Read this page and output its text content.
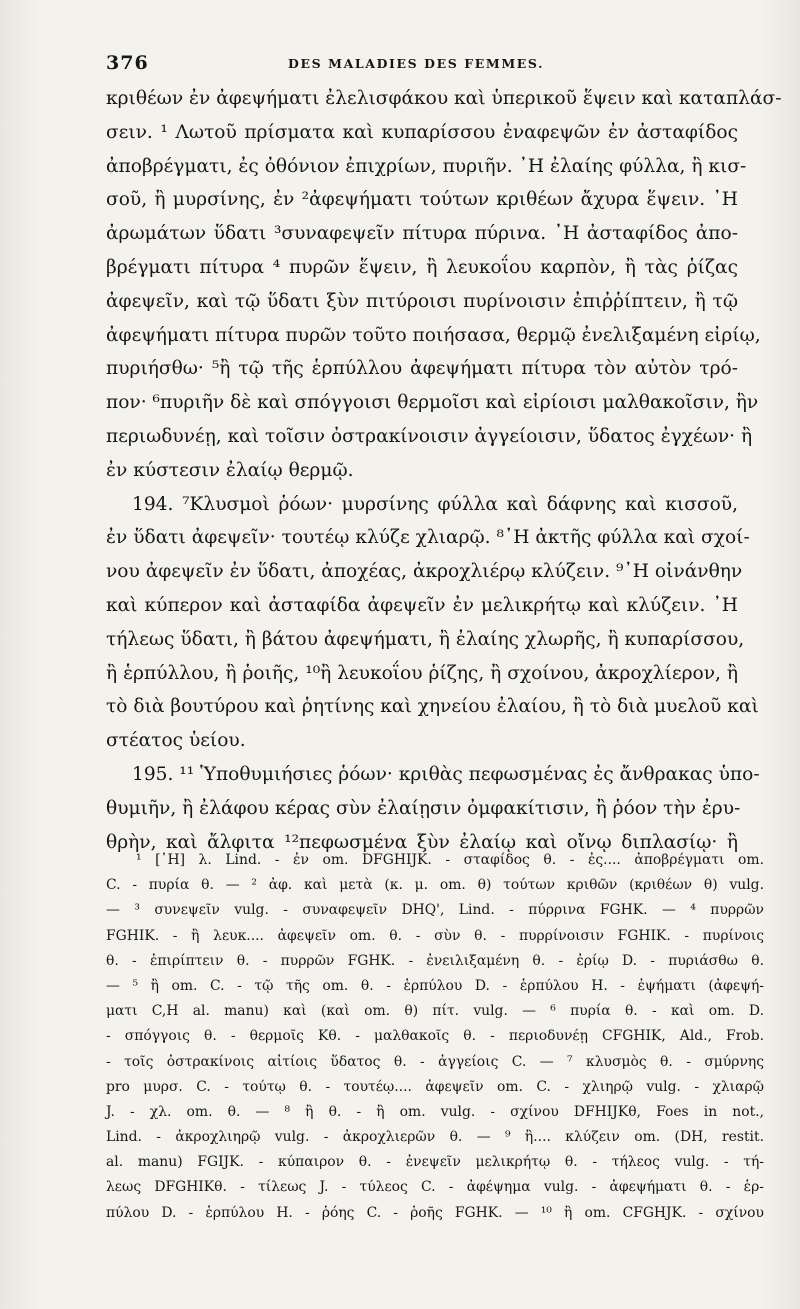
376	DES MALADIES DES FEMMES.
κριθέων ἐν ἀφεψήματι ἐλελισφάκου καὶ ὑπερικοῦ ἕψειν καὶ καταπλάσ-
σειν. ¹ Λωτοῦ πρίσματα καὶ κυπαρίσσου ἐναφεψῶν ἐν ἀσταφίδος
ἀποβρέγματι, ἐς ὀθόνιον ἐπιχρίων, πυριῆν. ᾿Η ἐλαίης φύλλα, ἢ κισ-
σοῦ, ἢ μυρσίνης, ἐν ²ἀφεψήματι τούτων κριθέων ἄχυρα ἕψειν. ᾿Η
ἀρωμάτων ὕδατι ³συναφεψεῖν πίτυρα πύρινα. ᾿Η ἀσταφίδος ἀπο-
βρέγματι πίτυρα ⁴ πυρῶν ἕψειν, ἢ λευκοΐου καρπὸν, ἢ τὰς ῥίζας
ἀφεψεῖν, καὶ τῷ ὕδατι ξὺν πιτύροισι πυρίνοισιν ἐπιῤῥίπτειν, ἢ τῷ
ἀφεψήματι πίτυρα πυρῶν τοῦτο ποιήσασα, θερμῷ ἐνελιξαμένη εἰρίῳ,
πυριήσθω· ⁵ἢ τῷ τῆς ἑρπύλλου ἀφεψήματι πίτυρα τὸν αὐτὸν τρό-
πον· ⁶πυριῆν δὲ καὶ σπόγγοισι θερμοῖσι καὶ εἰρίοισι μαλθακοῖσιν, ἢν
περιωδυνέῃ, καὶ τοῖσιν ὀστρακίνοισιν ἀγγείοισιν, ὕδατος ἐγχέων· ἢ
ἐν κύστεσιν ἐλαίῳ θερμῷ.
194. ⁷Κλυσμοὶ ῥόων· μυρσίνης φύλλα καὶ δάφνης καὶ κισσοῦ,
ἐν ὕδατι ἀφεψεῖν· τουτέῳ κλύζε χλιαρῷ. ⁸᾿Η ἀκτῆς φύλλα καὶ σχοί-
νου ἀφεψεῖν ἐν ὕδατι, ἀποχέας, ἀκροχλιέρῳ κλύζειν. ⁹᾿Η οἰνάνθην
καὶ κύπερον καὶ ἀσταφίδα ἀφεψεῖν ἐν μελικρήτῳ καὶ κλύζειν. ᾿Η
τήλεως ὕδατι, ἢ βάτου ἀφεψήματι, ἢ ἐλαίης χλωρῆς, ἢ κυπαρίσσου,
ἢ ἑρπύλλου, ἢ ῥοιῆς, ¹⁰ἢ λευκοΐου ῥίζης, ἢ σχοίνου, ἀκροχλίερον, ἢ
τὸ διὰ βουτύρου καὶ ῥητίνης καὶ χηνείου ἐλαίου, ἢ τὸ διὰ μυελοῦ καὶ
στέατος ὑείου.
195. ¹¹ Ὑποθυμιήσιες ῥόων· κριθὰς πεφωσμένας ἐς ἄνθρακας ὑπο-
θυμιῆν, ἢ ἐλάφου κέρας σὺν ἐλαίῃσιν ὀμφακίτισιν, ἢ ῥόον τὴν ἐρυ-
θρὴν, καὶ ἄλφιτα ¹²πεφωσμένα ξὺν ἐλαίῳ καὶ οἴνῳ διπλασίῳ· ἢ
¹ [᾿Η] λ. Lind. - ἐν om. DFGHIJK. - σταφίδος θ. - ἐς.... ἀποβρέγματι om.
C. - πυρία θ. — ² ἀφ. καὶ μετὰ (κ. μ. om. θ) τούτων κριθῶν (κριθέων θ) vulg.
— ³ συνεψεῖν vulg. - συναφεψεῖν DHQ', Lind. - πύρρινα FGHK. — ⁴ πυρρῶν
FGHIK. - ἢ λευκ.... ἀφεψεῖν om. θ. - σὺν θ. - πυρρίνοισιν FGHIK. - πυρίνοις
θ. - ἐπιρίπτειν θ. - πυρρῶν FGHK. - ἐνειλιξαμένη θ. - ἐρίῳ D. - πυριάσθω θ.
— ⁵ ἢ om. C. - τῷ τῆς om. θ. - ἑρπύλου D. - ἑρπύλου H. - ἐψήματι (ἀφεψή-
ματι C,H al. manu) καὶ (καὶ om. θ) πίτ. vulg. — ⁶ πυρία θ. - καὶ om. D.
- σπόγγοις θ. - θερμοῖς Kθ. - μαλθακοῖς θ. - περιοδυνέῃ CFGHIK, Ald., Frob.
- τοῖς ὀστρακίνοις αἰτίοις ὕδατος θ. - ἀγγείοις C. — ⁷ κλυσμὸς θ. - σμύρνης
pro μυρσ. C. - τούτῳ θ. - τουτέῳ.... ἀφεψεῖν om. C. - χλιηρῷ vulg. - χλιαρῷ
J. - χλ. om. θ. — ⁸ ἢ θ. - ἢ om. vulg. - σχίνου DFHIJKθ, Foes in not.,
Lind. - ἀκροχλιηρῷ vulg. - ἀκροχλιερῶν θ. — ⁹ ἢ.... κλύζειν om. (DH, restit.
al. manu) FGIJK. - κύπαιρον θ. - ἐνεψεῖν μελικρήτῳ θ. - τήλεος vulg. - τή-
λεως DFGHIKθ. - τίλεως J. - τύλεος C. - ἀφέψημα vulg. - ἀφεψήματι θ. - ἑρ-
πύλου D. - ἑρπύλου H. - ῥόης C. - ῥοῆς FGHK. — ¹⁰ ἢ om. CFGHJK. - σχίνου
